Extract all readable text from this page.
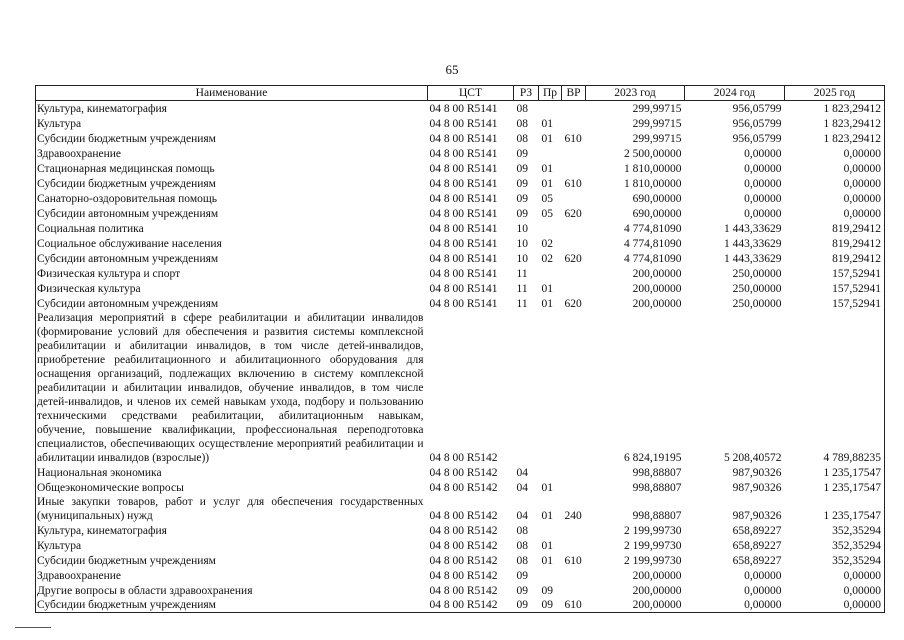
65
Наименование	ЦСТ	РЗ	Пр	ВР	2023 год	2024 год	2025 год
Культура, кинематография	04 8 00 R5141	08			299,99715	956,05799	1 823,29412
Культура	04 8 00 R5141	08	01		299,99715	956,05799	1 823,29412
Субсидии бюджетным учреждениям	04 8 00 R5141	08	01	610	299,99715	956,05799	1 823,29412
Здравоохранение	04 8 00 R5141	09			2 500,00000	0,00000	0,00000
Стационарная медицинская помощь	04 8 00 R5141	09	01		1 810,00000	0,00000	0,00000
Субсидии бюджетным учреждениям	04 8 00 R5141	09	01	610	1 810,00000	0,00000	0,00000
Санаторно-оздоровительная помощь	04 8 00 R5141	09	05		690,00000	0,00000	0,00000
Субсидии автономным учреждениям	04 8 00 R5141	09	05	620	690,00000	0,00000	0,00000
Социальная политика	04 8 00 R5141	10			4 774,81090	1 443,33629	819,29412
Социальное обслуживание населения	04 8 00 R5141	10	02		4 774,81090	1 443,33629	819,29412
Субсидии автономным учреждениям	04 8 00 R5141	10	02	620	4 774,81090	1 443,33629	819,29412
Физическая культура и спорт	04 8 00 R5141	11			200,00000	250,00000	157,52941
Физическая культура	04 8 00 R5141	11	01		200,00000	250,00000	157,52941
Субсидии автономным учреждениям	04 8 00 R5141	11	01	620	200,00000	250,00000	157,52941
Реализация мероприятий в сфере реабилитации и абилитации инвалидов (формирование условий для обеспечения и развития системы комплексной реабилитации и абилитации инвалидов, в том числе детей-инвалидов, приобретение реабилитационного и абилитационного оборудования для оснащения организаций, подлежащих включению в систему комплексной реабилитации и абилитации инвалидов, обучение инвалидов, в том числе детей-инвалидов, и членов их семей навыкам ухода, подбору и пользованию техническими средствами реабилитации, абилитационным навыкам, обучение, повышение квалификации, профессиональная переподготовка специалистов, обеспечивающих осуществление мероприятий реабилитации и абилитации инвалидов (взрослые))	04 8 00 R5142				6 824,19195	5 208,40572	4 789,88235
Национальная экономика	04 8 00 R5142	04			998,88807	987,90326	1 235,17547
Общеэкономические вопросы	04 8 00 R5142	04	01		998,88807	987,90326	1 235,17547
Иные закупки товаров, работ и услуг для обеспечения государственных (муниципальных) нужд	04 8 00 R5142	04	01	240	998,88807	987,90326	1 235,17547
Культура, кинематография	04 8 00 R5142	08			2 199,99730	658,89227	352,35294
Культура	04 8 00 R5142	08	01		2 199,99730	658,89227	352,35294
Субсидии бюджетным учреждениям	04 8 00 R5142	08	01	610	2 199,99730	658,89227	352,35294
Здравоохранение	04 8 00 R5142	09			200,00000	0,00000	0,00000
Другие вопросы в области здравоохранения	04 8 00 R5142	09	09		200,00000	0,00000	0,00000
Субсидии бюджетным учреждениям	04 8 00 R5142	09	09	610	200,00000	0,00000	0,00000
